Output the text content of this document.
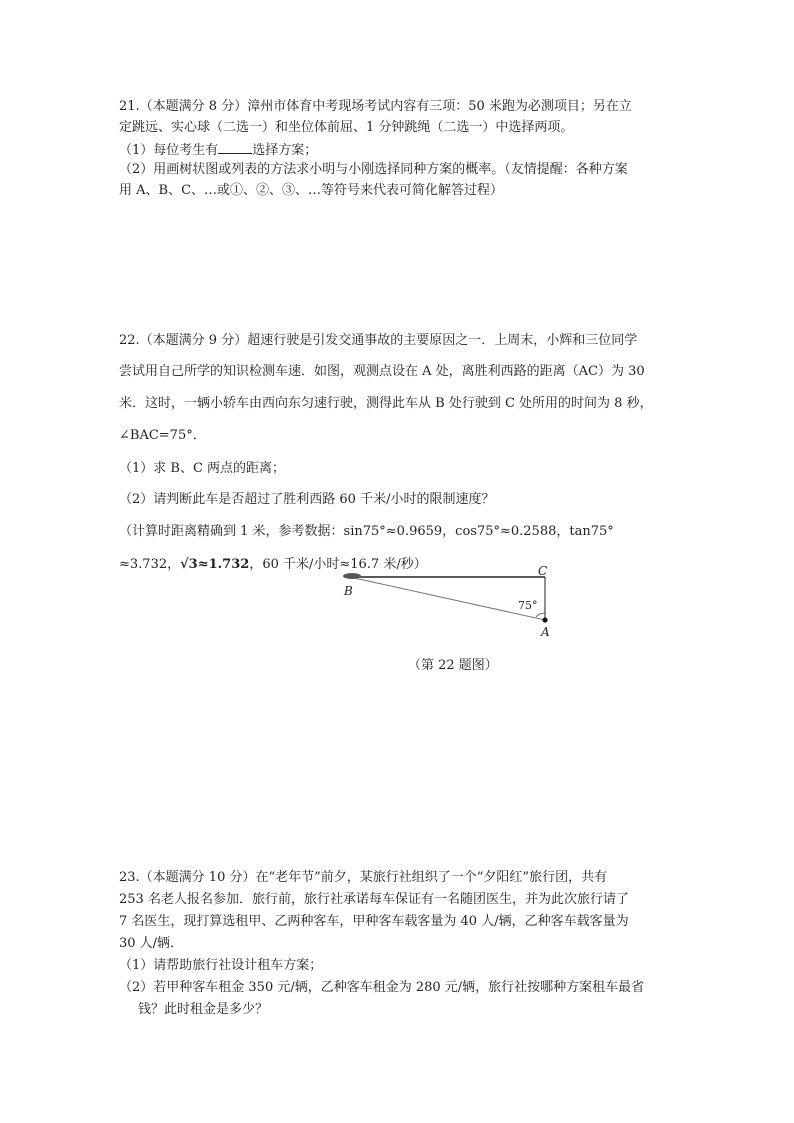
21.（本题满分 8 分）漳州市体育中考现场考试内容有三项：50 米跑为必测项目；另在立
定跳远、实心球（二选一）和坐位体前屈、1 分钟跳绳（二选一）中选择两项。
（1）每位考生有	选择方案；
（2）用画树状图或列表的方法求小明与小刚选择同种方案的概率。（友情提醒：各种方案
用 A、B、C、…或①、②、③、…等符号来代表可简化解答过程）
22.（本题满分 9 分）超速行驶是引发交通事故的主要原因之一．上周末，小辉和三位同学
尝试用自己所学的知识检测车速．如图，观测点设在 A 处，离胜利西路的距离（AC）为 30
米．这时，一辆小轿车由西向东匀速行驶，测得此车从 B 处行驶到 C 处所用的时间为 8 秒，
∠BAC=75°．
（1）求 B、C 两点的距离；
（2）请判断此车是否超过了胜利西路 60 千米/小时的限制速度？
（计算时距离精确到 1 米，参考数据：sin75°≈0.9659，cos75°≈0.2588，tan75°
≈3.732，√3≈1.732，60 千米/小时≈16.7 米/秒）
B
C
A
75°
（第 22 题图）
23.（本题满分 10 分）在“老年节”前夕，某旅行社组织了一个“夕阳红”旅行团，共有
253 名老人报名参加．旅行前，旅行社承诺每车保证有一名随团医生，并为此次旅行请了
7 名医生，现打算选租甲、乙两种客车，甲种客车载客量为 40 人/辆，乙种客车载客量为
30 人/辆．
（1）请帮助旅行社设计租车方案；
（2）若甲种客车租金 350 元/辆，乙种客车租金为 280 元/辆，旅行社按哪种方案租车最省
钱？此时租金是多少？
